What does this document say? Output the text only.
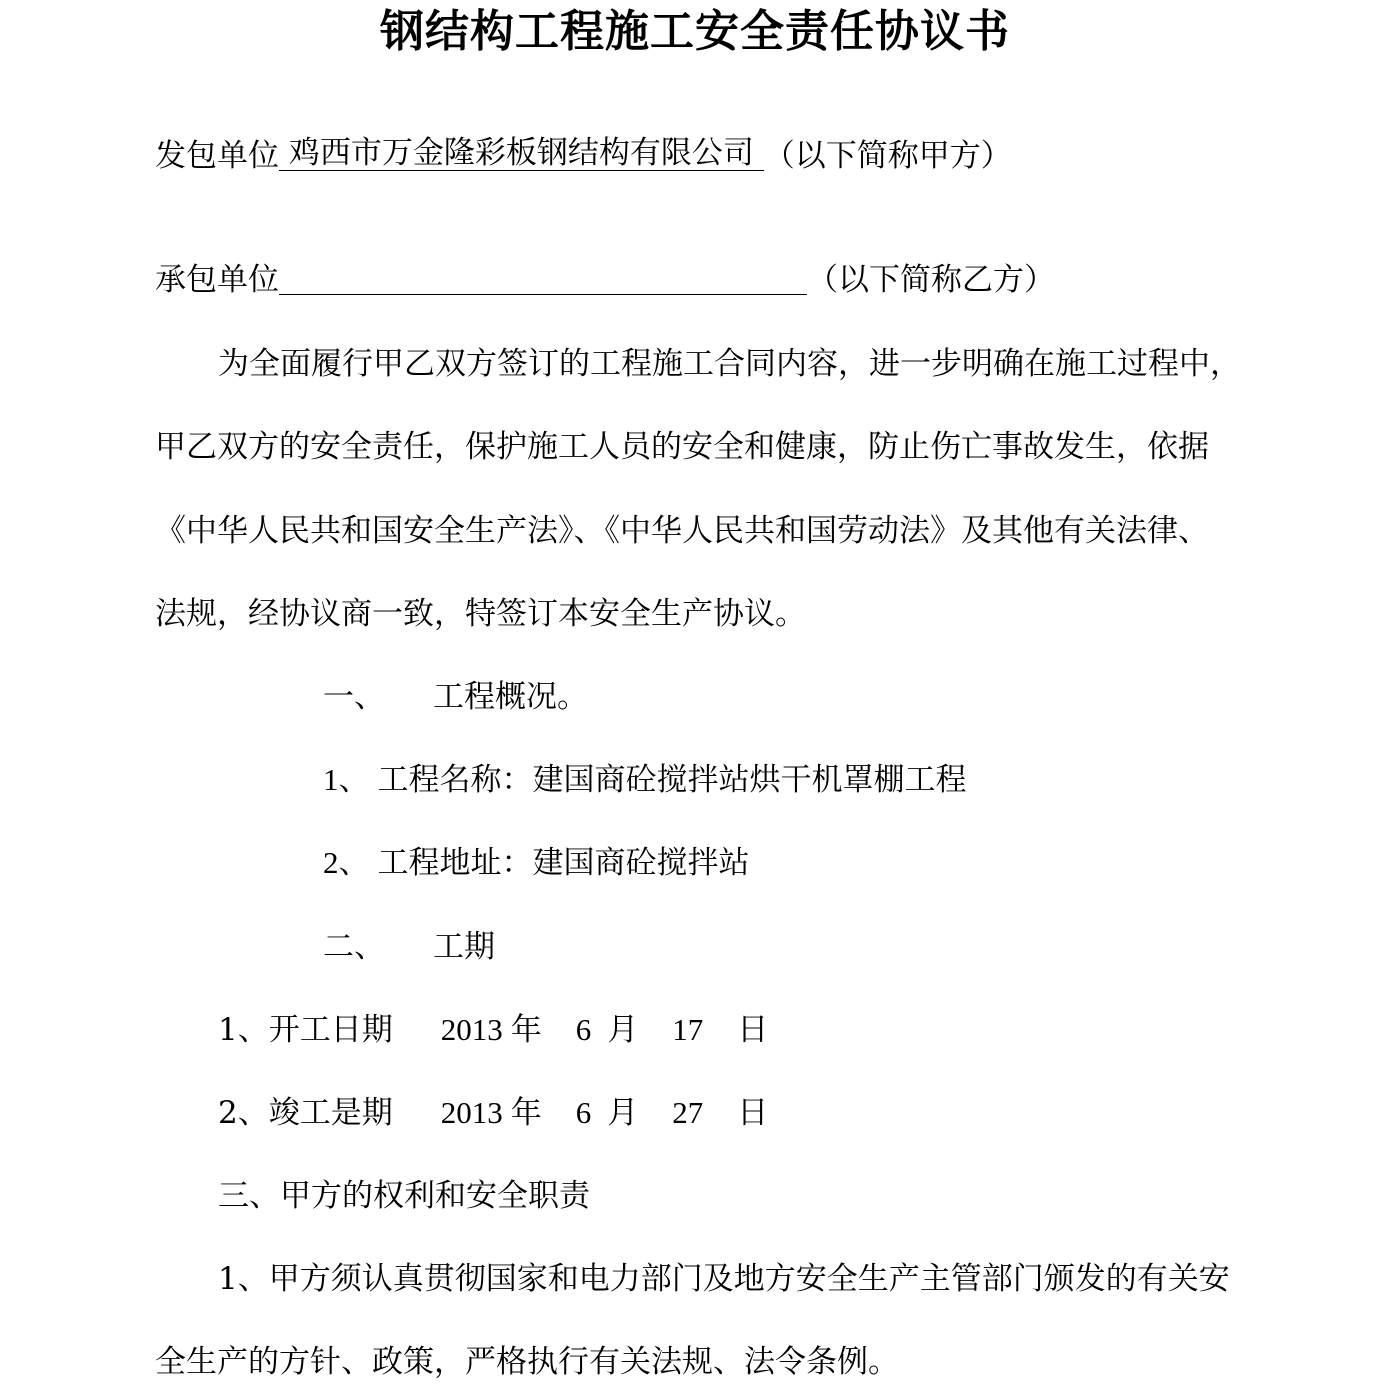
钢结构工程施工安全责任协议书
发包单位 鸡西市万金隆彩板钢结构有限公司 （以下简称甲方）
承包单位	（以下简称乙方）
为全面履行甲乙双方签订的工程施工合同内容，进一步明确在施工过程中，
甲乙双方的安全责任，保护施工人员的安全和健康，防止伤亡事故发生，依据
《中华人民共和国安全生产法》、《中华人民共和国劳动法》及其他有关法律、
法规，经协议商一致，特签订本安全生产协议。
一、 工程概况。
1、 工程名称：建国商砼搅拌站烘干机罩棚工程
2、 工程地址：建国商砼搅拌站
二、 工期
1、开工日期 2013 年 6 月 17 日
2、竣工是期 2013 年 6 月 27 日
三、甲方的权利和安全职责
1、甲方须认真贯彻国家和电力部门及地方安全生产主管部门颁发的有关安
全生产的方针、政策，严格执行有关法规、法令条例。
